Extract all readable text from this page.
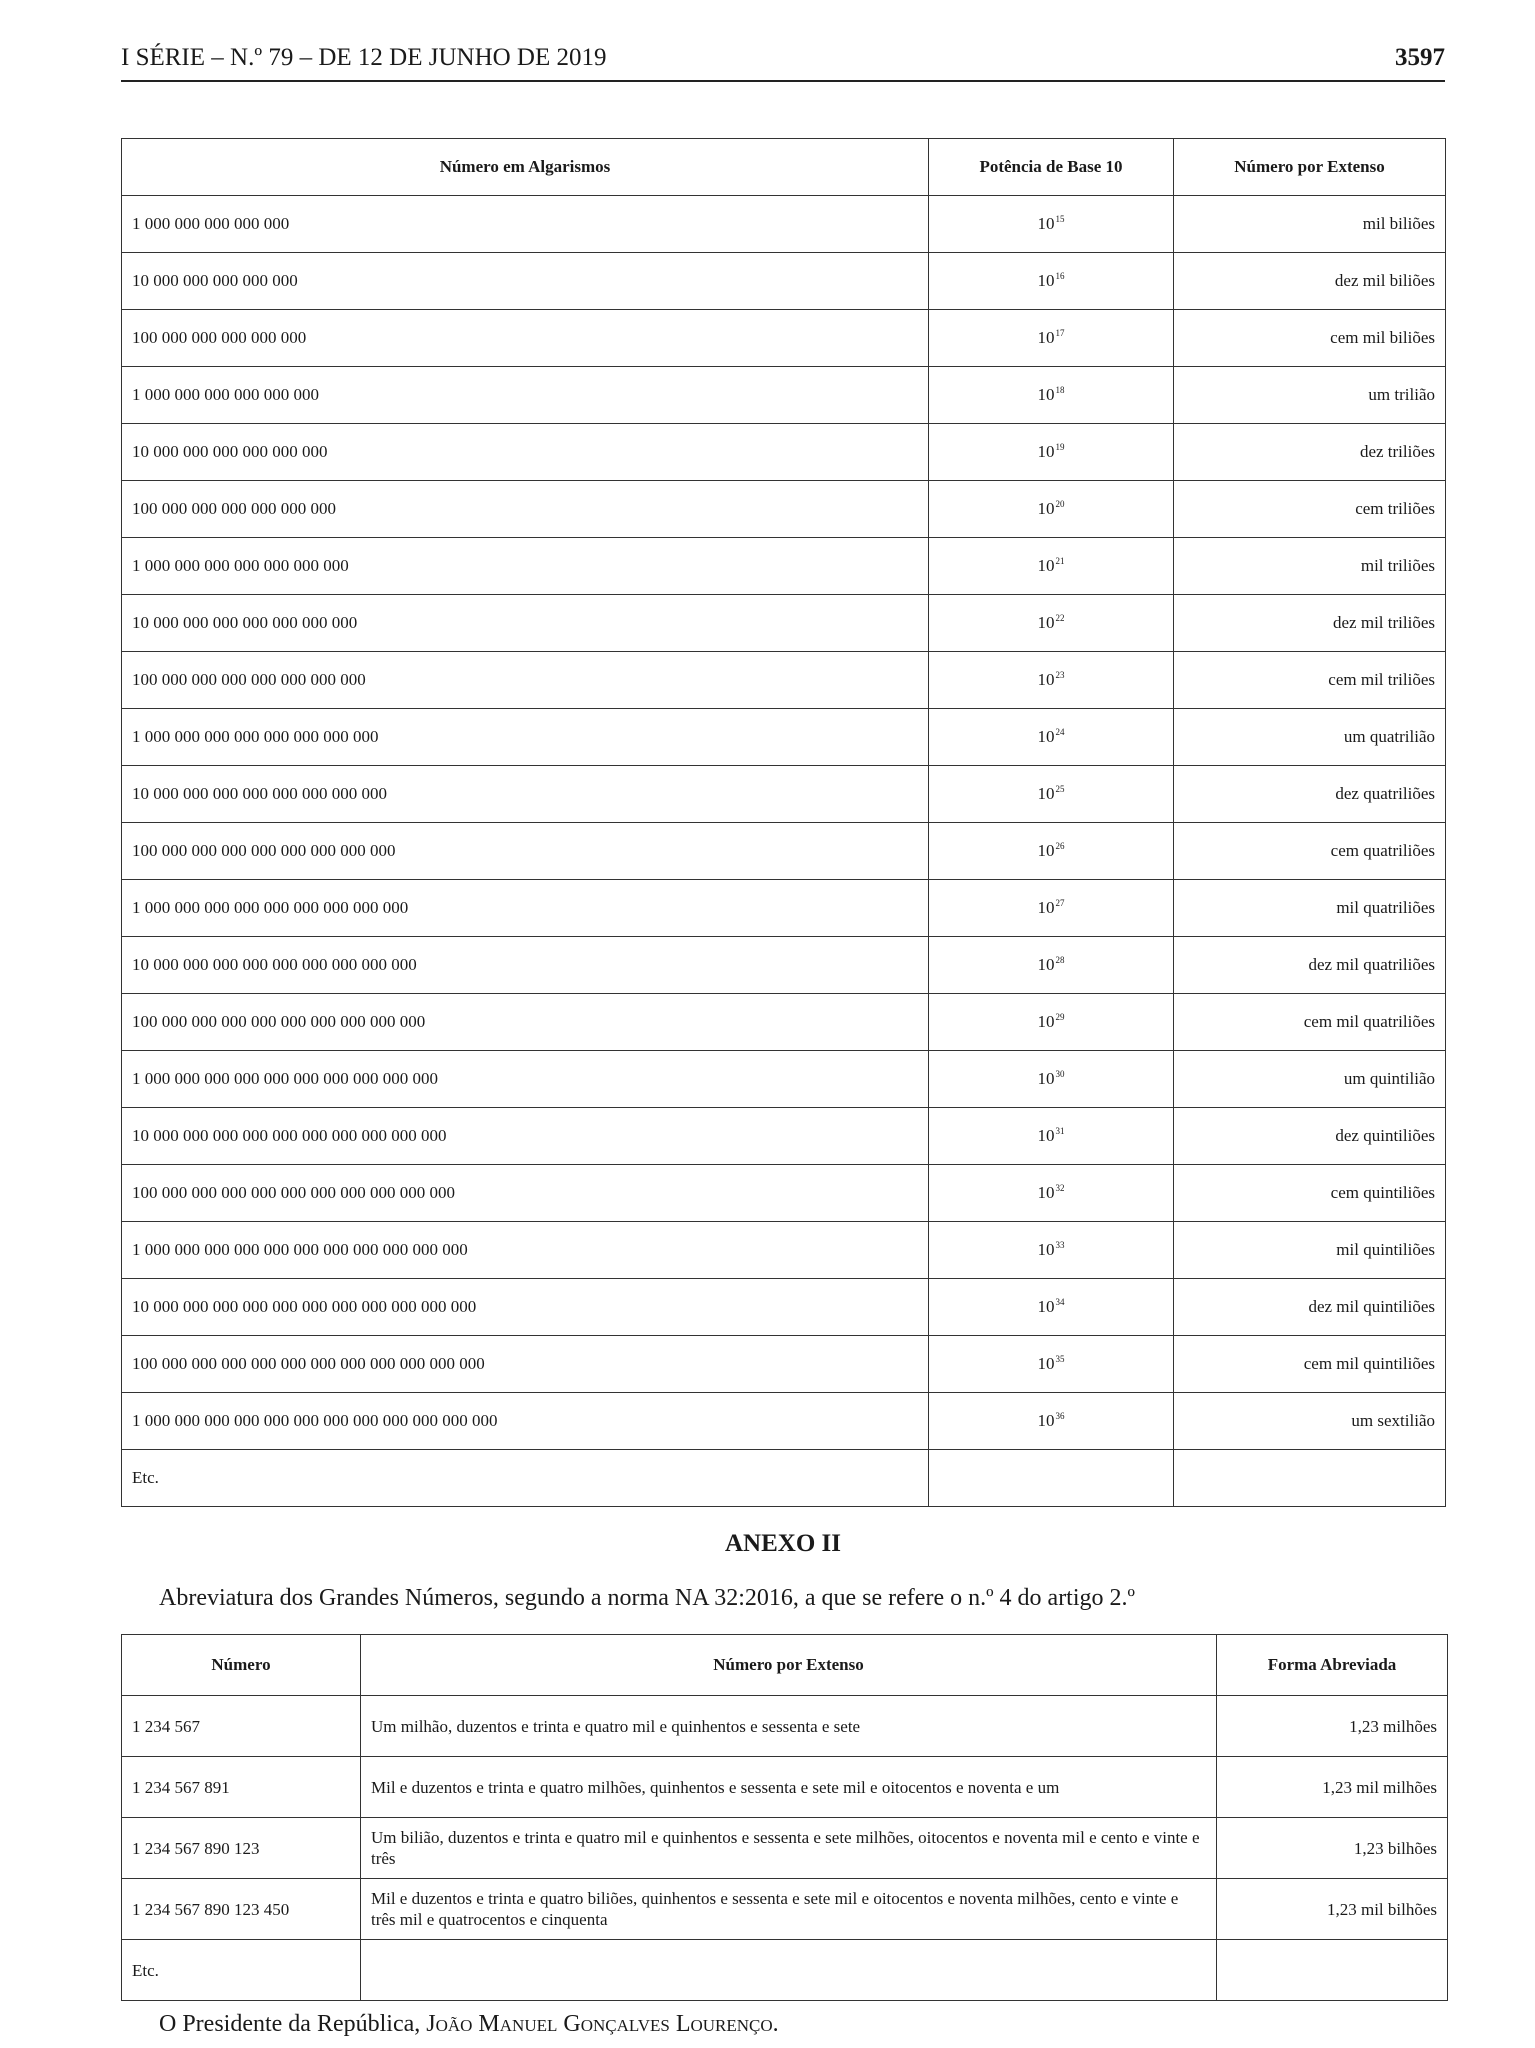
I SÉRIE – N.º 79 – DE 12 DE JUNHO DE 2019	3597
Número em Algarismos	Potência de Base 10	Número por Extenso
1 000 000 000 000 000	$10^{15}$	mil biliões
10 000 000 000 000 000	$10^{16}$	dez mil biliões
100 000 000 000 000 000	$10^{17}$	cem mil biliões
1 000 000 000 000 000 000	$10^{18}$	um trilião
10 000 000 000 000 000 000	$10^{19}$	dez triliões
100 000 000 000 000 000 000	$10^{20}$	cem triliões
1 000 000 000 000 000 000 000	$10^{21}$	mil triliões
10 000 000 000 000 000 000 000	$10^{22}$	dez mil triliões
100 000 000 000 000 000 000 000	$10^{23}$	cem mil triliões
1 000 000 000 000 000 000 000 000	$10^{24}$	um quatrilião
10 000 000 000 000 000 000 000 000	$10^{25}$	dez quatriliões
100 000 000 000 000 000 000 000 000	$10^{26}$	cem quatriliões
1 000 000 000 000 000 000 000 000 000	$10^{27}$	mil quatriliões
10 000 000 000 000 000 000 000 000 000	$10^{28}$	dez mil quatriliões
100 000 000 000 000 000 000 000 000 000	$10^{29}$	cem mil quatriliões
1 000 000 000 000 000 000 000 000 000 000	$10^{30}$	um quintilião
10 000 000 000 000 000 000 000 000 000 000	$10^{31}$	dez quintiliões
100 000 000 000 000 000 000 000 000 000 000	$10^{32}$	cem quintiliões
1 000 000 000 000 000 000 000 000 000 000 000	$10^{33}$	mil quintiliões
10 000 000 000 000 000 000 000 000 000 000 000	$10^{34}$	dez mil quintiliões
100 000 000 000 000 000 000 000 000 000 000 000	$10^{35}$	cem mil quintiliões
1 000 000 000 000 000 000 000 000 000 000 000 000	$10^{36}$	um sextilião
Etc.		
ANEXO II
Abreviatura dos Grandes Números, segundo a norma NA 32:2016, a que se refere o n.º 4 do artigo 2.º
Número	Número por Extenso	Forma Abreviada
1 234 567	Um milhão, duzentos e trinta e quatro mil e quinhentos e sessenta e sete	1,23 milhões
1 234 567 891	Mil e duzentos e trinta e quatro milhões, quinhentos e sessenta e sete mil e oitocentos e noventa e um	1,23 mil milhões
1 234 567 890 123	Um bilião, duzentos e trinta e quatro mil e quinhentos e sessenta e sete milhões, oitocentos e noventa mil e cento e vinte e três	1,23 bilhões
1 234 567 890 123 450	Mil e duzentos e trinta e quatro biliões, quinhentos e sessenta e sete mil e oitocentos e noventa milhões, cento e vinte e três mil e quatrocentos e cinquenta	1,23 mil bilhões
Etc.		
O Presidente da República, João Manuel Gonçalves Lourenço.
